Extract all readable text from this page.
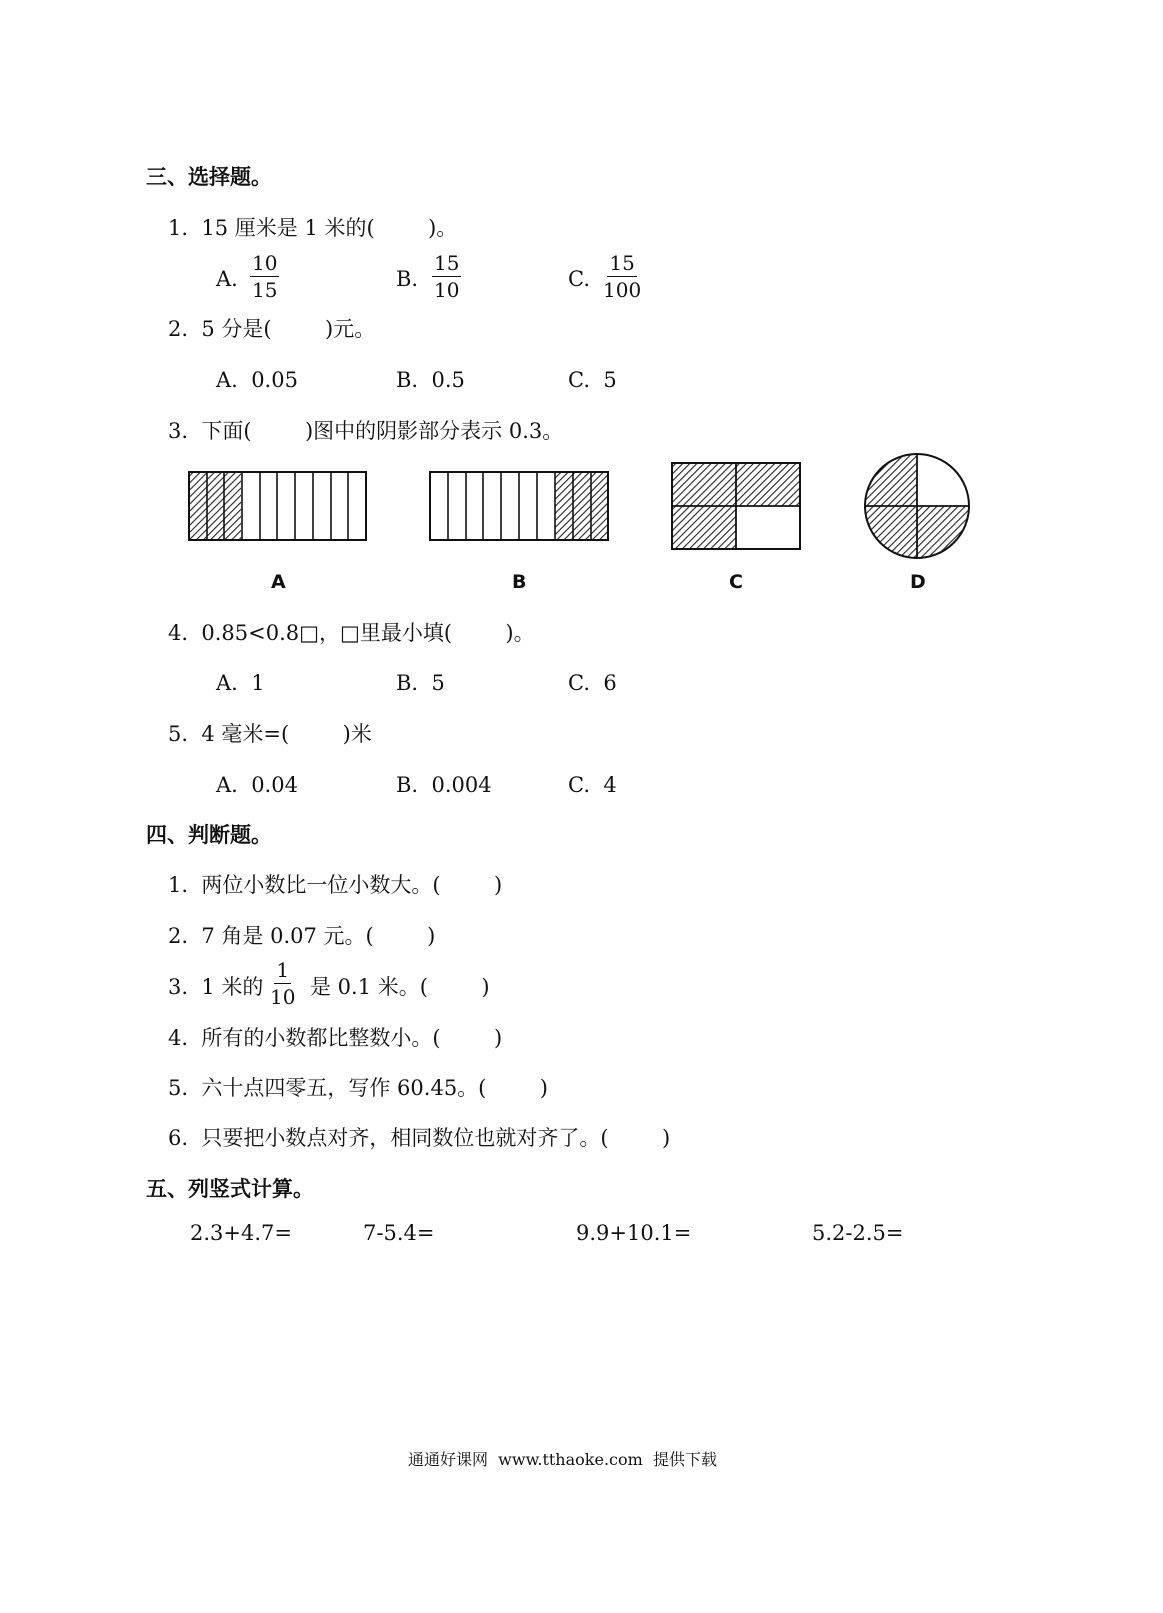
三、选择题。
1.  15 厘米是 1 米的(        )。
A. $\frac{10}{15}$	B. $\frac{15}{10}$	C. $\frac{15}{100}$
2.  5 分是(        )元。
A.  0.05	B.  0.5	C.  5
3.  下面(        )图中的阴影部分表示 0.3。
A	B	C	D
4.  0.85<0.8□，□里最小填(        )。
A.  1	B.  5	C.  6
5.  4 毫米=(        )米
A.  0.04	B.  0.004	C.  4
四、判断题。
1.  两位小数比一位小数大。(        )
2.  7 角是 0.07 元。(        )
3.  1 米的 $\frac{1}{10}$ 是 0.1 米。(        )
4.  所有的小数都比整数小。(        )
5.  六十点四零五，写作 60.45。(        )
6.  只要把小数点对齐，相同数位也就对齐了。(        )
五、列竖式计算。
2.3+4.7=	7-5.4=	9.9+10.1=	5.2-2.5=
通通好课网  www.tthaoke.com  提供下载
